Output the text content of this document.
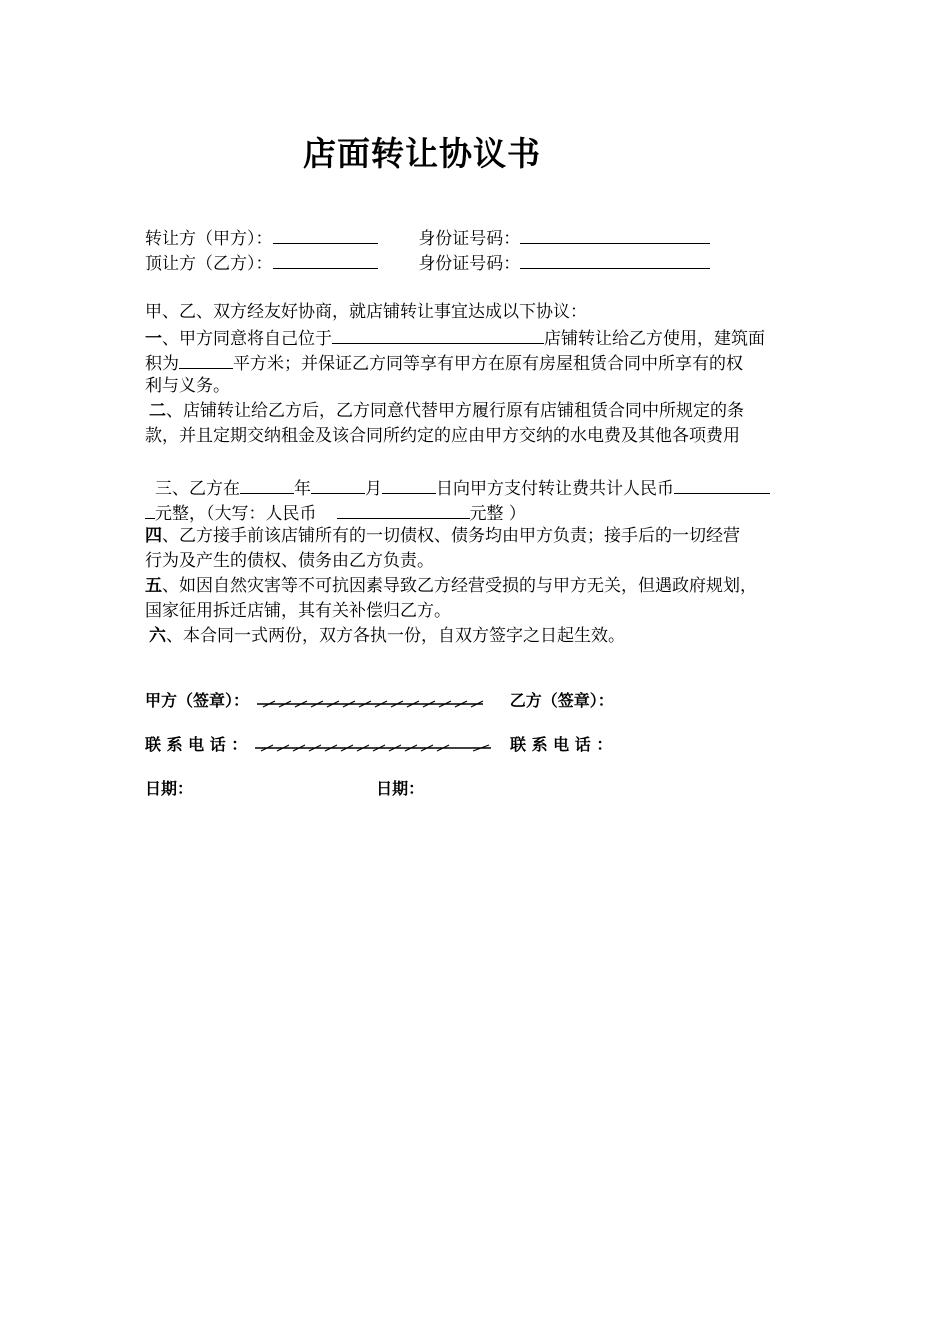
店面转让协议书
转让方（甲方）：	身份证号码：
顶让方（乙方）：	身份证号码：
甲、乙、双方经友好协商，就店铺转让事宜达成以下协议：
一、甲方同意将自己位于	店铺转让给乙方使用，建筑面
积为	平方米；并保证乙方同等享有甲方在原有房屋租赁合同中所享有的权
利与义务。
二、店铺转让给乙方后，乙方同意代替甲方履行原有店铺租赁合同中所规定的条
款，并且定期交纳租金及该合同所约定的应由甲方交纳的水电费及其他各项费用
三、乙方在	年	月	日向甲方支付转让费共计人民币
元整，（大写：人民币	元整 ）
四、乙方接手前该店铺所有的一切债权、债务均由甲方负责；接手后的一切经营
行为及产生的债权、债务由乙方负责。
五、如因自然灾害等不可抗因素导致乙方经营受损的与甲方无关，但遇政府规划，
国家征用拆迁店铺，其有关补偿归乙方。
六、本合同一式两份，双方各执一份，自双方签字之日起生效。
甲方（签章）：	乙方（签章）：
联 系 电 话 ：	联 系 电 话 ：
日期：	日期：
